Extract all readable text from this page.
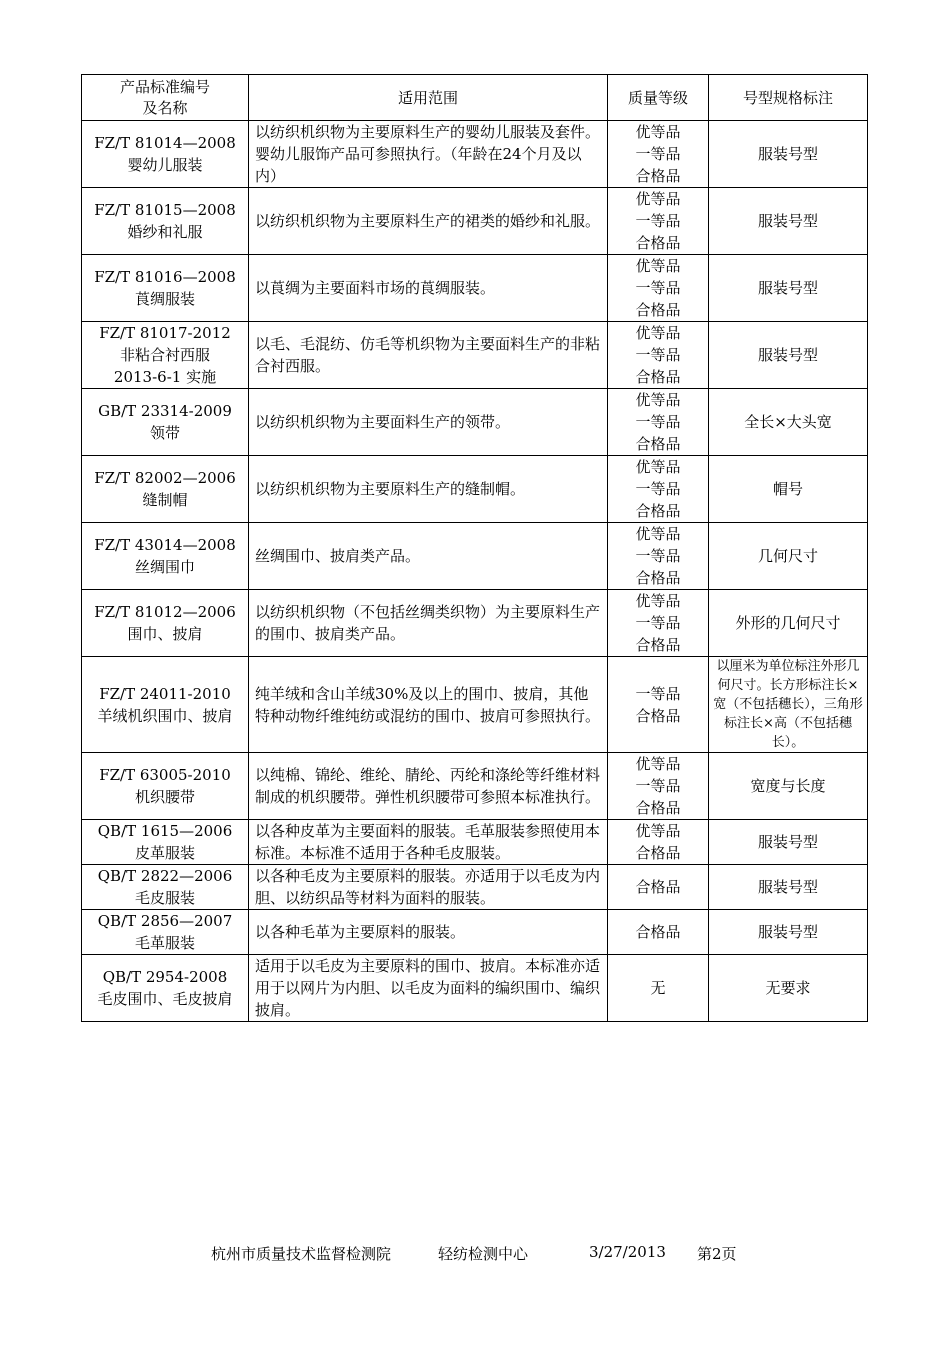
产品标准编号
及名称	适用范围	质量等级	号型规格标注

FZ/T 81014—2008
婴幼儿服装	以纺织机织物为主要原料生产的婴幼儿服装及套件。婴幼儿服饰产品可参照执行。（年龄在24个月及以内）	优等品
一等品
合格品	服装号型

FZ/T 81015—2008
婚纱和礼服	以纺织机织物为主要原料生产的裙类的婚纱和礼服。	优等品
一等品
合格品	服装号型

FZ/T 81016—2008
莨绸服装	以莨绸为主要面料市场的莨绸服装。	优等品
一等品
合格品	服装号型

FZ/T 81017-2012
非粘合衬西服
2013-6-1 实施	以毛、毛混纺、仿毛等机织物为主要面料生产的非粘合衬西服。	优等品
一等品
合格品	服装号型

GB/T 23314-2009
领带	以纺织机织物为主要面料生产的领带。	优等品
一等品
合格品	全长×大头宽

FZ/T 82002—2006
缝制帽	以纺织机织物为主要原料生产的缝制帽。	优等品
一等品
合格品	帽号

FZ/T 43014—2008
丝绸围巾	丝绸围巾、披肩类产品。	优等品
一等品
合格品	几何尺寸

FZ/T 81012—2006
围巾、披肩	以纺织机织物（不包括丝绸类织物）为主要原料生产的围巾、披肩类产品。	优等品
一等品
合格品	外形的几何尺寸

FZ/T 24011-2010
羊绒机织围巾、披肩	纯羊绒和含山羊绒30%及以上的围巾、披肩，其他特种动物纤维纯纺或混纺的围巾、披肩可参照执行。	一等品
合格品	以厘米为单位标注外形几何尺寸。长方形标注长×宽（不包括穗长），三角形标注长×高（不包括穗长）。

FZ/T 63005-2010
机织腰带	以纯棉、锦纶、维纶、腈纶、丙纶和涤纶等纤维材料制成的机织腰带。弹性机织腰带可参照本标准执行。	优等品
一等品
合格品	宽度与长度

QB/T 1615—2006
皮革服装	以各种皮革为主要面料的服装。毛革服装参照使用本标准。本标准不适用于各种毛皮服装。	优等品
合格品	服装号型

QB/T 2822—2006
毛皮服装	以各种毛皮为主要原料的服装。亦适用于以毛皮为内胆、以纺织品等材料为面料的服装。	合格品	服装号型

QB/T 2856—2007
毛革服装	以各种毛革为主要原料的服装。	合格品	服装号型

QB/T 2954-2008
毛皮围巾、毛皮披肩	适用于以毛皮为主要原料的围巾、披肩。本标准亦适用于以网片为内胆、以毛皮为面料的编织围巾、编织披肩。	无	无要求
杭州市质量技术监督检测院	轻纺检测中心	3/27/2013 第2页
